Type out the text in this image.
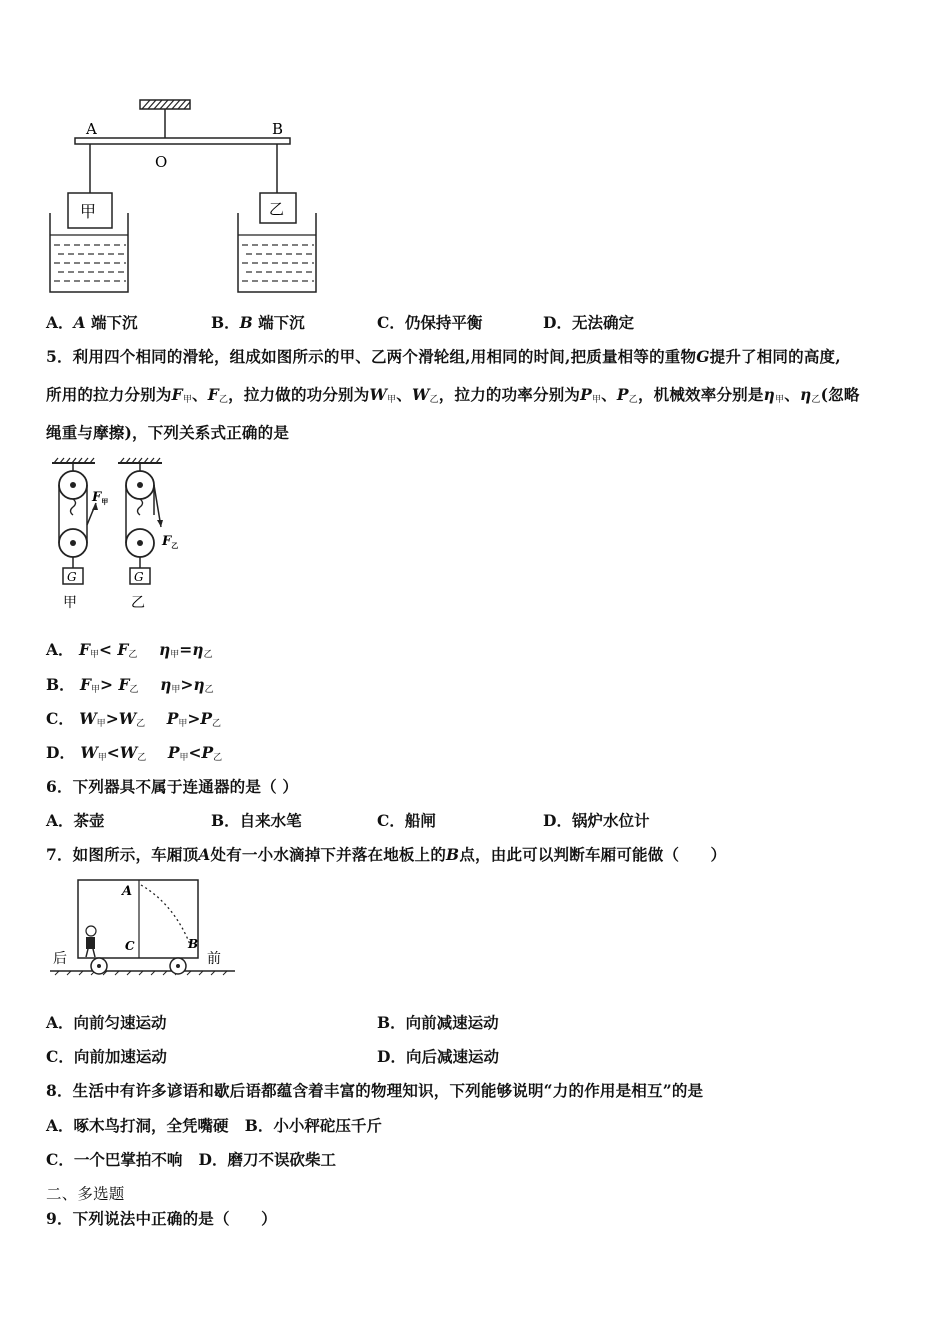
A	B
O
甲	乙
A．A 端下沉	B．B 端下沉	C．仍保持平衡	D．无法确定
5．利用四个相同的滑轮，组成如图所示的甲、乙两个滑轮组,用相同的时间,把质量相等的重物G提升了相同的高度,
所用的拉力分别为F甲、F乙，拉力做的功分别为W甲、W乙，拉力的功率分别为P甲、P乙，机械效率分别是η甲、η乙(忽略
绳重与摩擦)，下列关系式正确的是
$F_甲$
G
甲
$F_乙$
G
乙
A． F甲< F乙 η甲=η乙
B． F甲> F乙 η甲>η乙
C． W甲>W乙 P甲>P乙
D． W甲<W乙 P甲<P乙
6．下列器具不属于连通器的是（ ）
A．茶壶	B．自来水笔	C．船闸	D．锅炉水位计
7．如图所示，车厢顶A处有一小水滴掉下并落在地板上的B点，由此可以判断车厢可能做（　　）
A
B
C
后	前
A．向前匀速运动	B．向前减速运动
C．向前加速运动	D．向后减速运动
8．生活中有许多谚语和歇后语都蕴含着丰富的物理知识，下列能够说明“力的作用是相互”的是
A．啄木鸟打洞，全凭嘴硬   B．小小秤砣压千斤
C．一个巴掌拍不响   D．磨刀不误砍柴工
二、多选题
9．下列说法中正确的是（　　）
